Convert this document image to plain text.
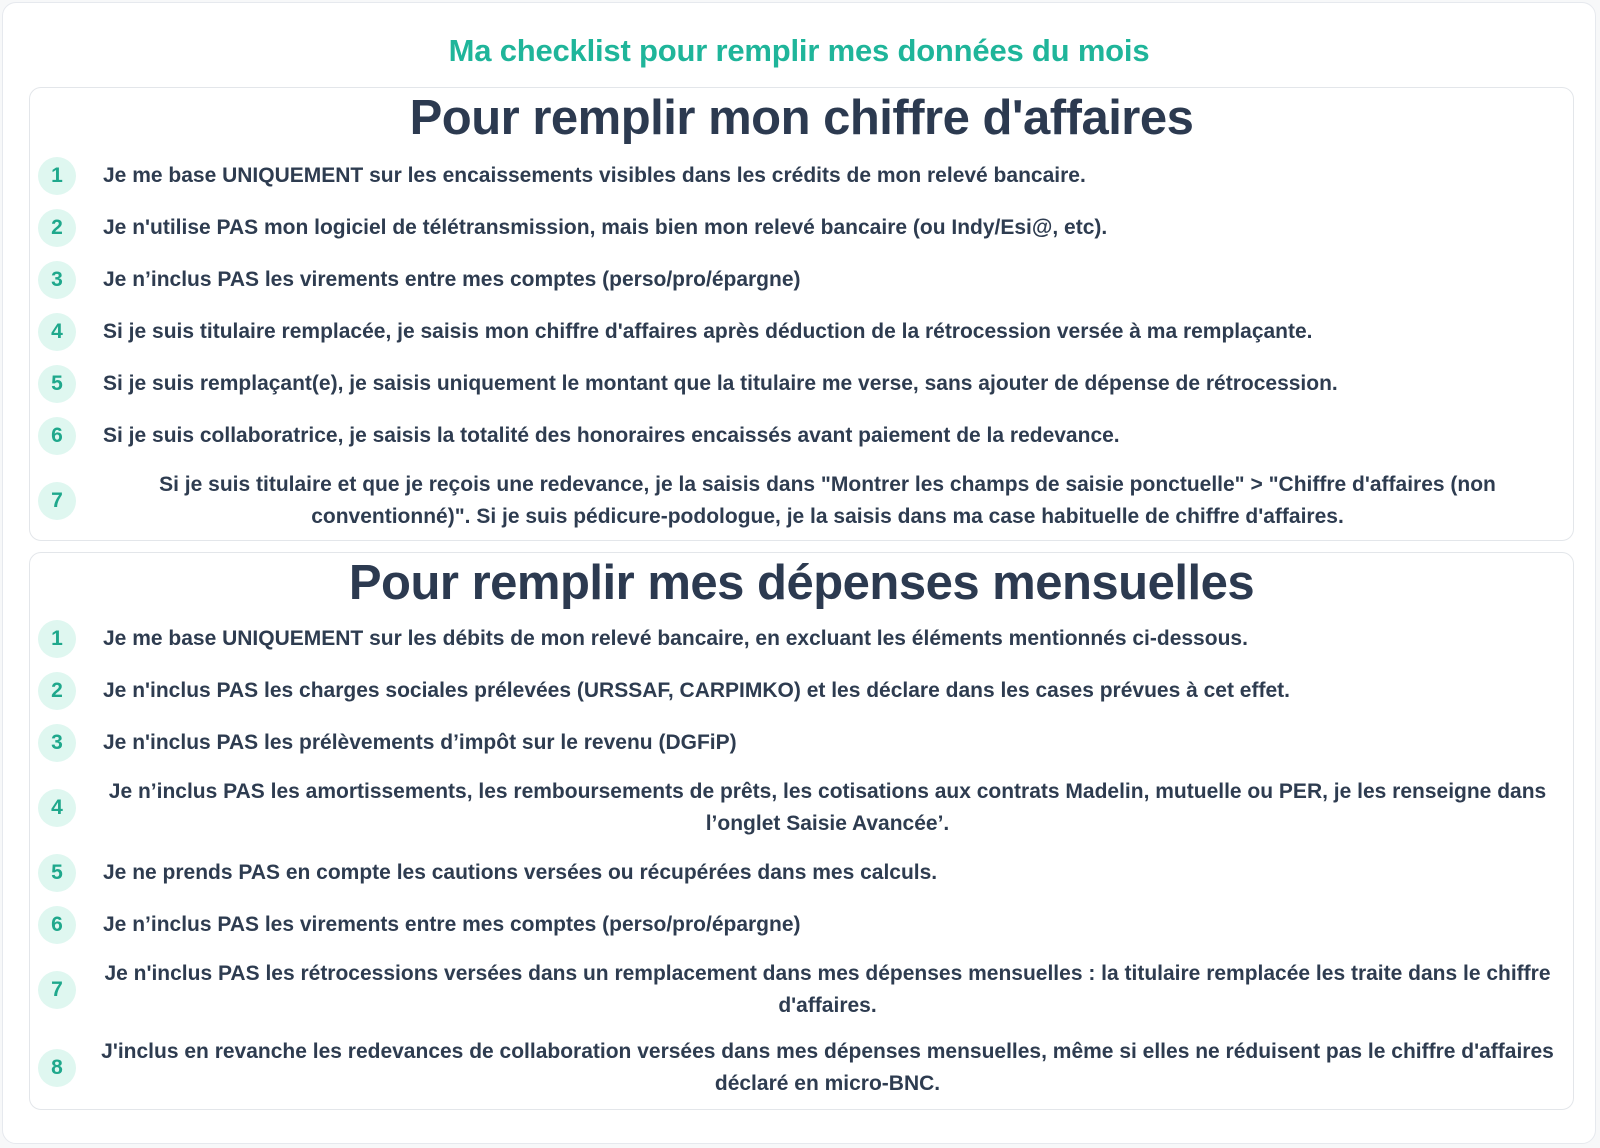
Ma checklist pour remplir mes données du mois
Pour remplir mon chiffre d'affaires
1	Je me base UNIQUEMENT sur les encaissements visibles dans les crédits de mon relevé bancaire.
2	Je n'utilise PAS mon logiciel de télétransmission, mais bien mon relevé bancaire (ou Indy/Esi@, etc).
3	Je n’inclus PAS les virements entre mes comptes (perso/pro/épargne)
4	Si je suis titulaire remplacée, je saisis mon chiffre d'affaires après déduction de la rétrocession versée à ma remplaçante.
5	Si je suis remplaçant(e), je saisis uniquement le montant que la titulaire me verse, sans ajouter de dépense de rétrocession.
6	Si je suis collaboratrice, je saisis la totalité des honoraires encaissés avant paiement de la redevance.
7
Si je suis titulaire et que je reçois une redevance, je la saisis dans "Montrer les champs de saisie ponctuelle" > "Chiffre d'affaires (non conventionné)". Si je suis pédicure-podologue, je la saisis dans ma case habituelle de chiffre d'affaires.
Pour remplir mes dépenses mensuelles
1	Je me base UNIQUEMENT sur les débits de mon relevé bancaire, en excluant les éléments mentionnés ci-dessous.
2	Je n'inclus PAS les charges sociales prélevées (URSSAF, CARPIMKO) et les déclare dans les cases prévues à cet effet.
3	Je n'inclus PAS les prélèvements d’impôt sur le revenu (DGFiP)
4
Je n’inclus PAS les amortissements, les remboursements de prêts, les cotisations aux contrats Madelin, mutuelle ou PER, je les renseigne dans l’onglet Saisie Avancée’.
5	Je ne prends PAS en compte les cautions versées ou récupérées dans mes calculs.
6	Je n’inclus PAS les virements entre mes comptes (perso/pro/épargne)
7
Je n'inclus PAS les rétrocessions versées dans un remplacement dans mes dépenses mensuelles : la titulaire remplacée les traite dans le chiffre d'affaires.
8
J'inclus en revanche les redevances de collaboration versées dans mes dépenses mensuelles, même si elles ne réduisent pas le chiffre d'affaires déclaré en micro-BNC.
